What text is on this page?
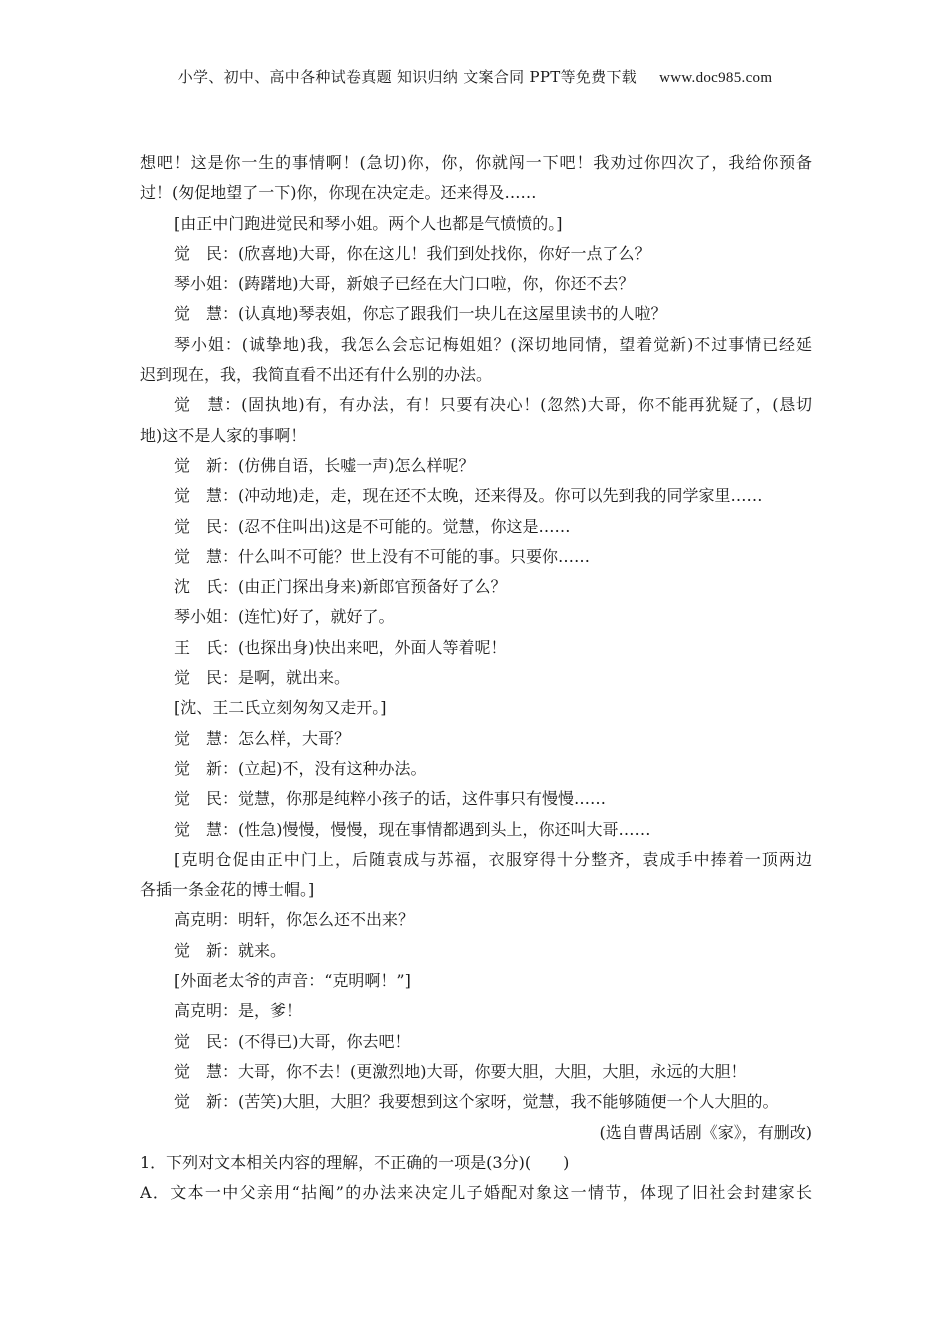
小学、初中、高中各种试卷真题 知识归纳 文案合同 PPT等免费下载 www.doc985.com
想吧！这是你一生的事情啊！(急切)你，你，你就闯一下吧！我劝过你四次了，我给你预备
过！(匆促地望了一下)你，你现在决定走。还来得及……
[由正中门跑进觉民和琴小姐。两个人也都是气愤愤的。]
觉　民：(欣喜地)大哥，你在这儿！我们到处找你，你好一点了么？
琴小姐：(踌躇地)大哥，新娘子已经在大门口啦，你，你还不去？
觉　慧：(认真地)琴表姐，你忘了跟我们一块儿在这屋里读书的人啦？
琴小姐：(诚挚地)我，我怎么会忘记梅姐姐？(深切地同情，望着觉新)不过事情已经延
迟到现在，我，我简直看不出还有什么别的办法。
觉　慧：(固执地)有，有办法，有！只要有决心！(忽然)大哥，你不能再犹疑了，(恳切
地)这不是人家的事啊！
觉　新：(仿佛自语，长嘘一声)怎么样呢？
觉　慧：(冲动地)走，走，现在还不太晚，还来得及。你可以先到我的同学家里……
觉　民：(忍不住叫出)这是不可能的。觉慧，你这是……
觉　慧：什么叫不可能？世上没有不可能的事。只要你……
沈　氏：(由正门探出身来)新郎官预备好了么？
琴小姐：(连忙)好了，就好了。
王　氏：(也探出身)快出来吧，外面人等着呢！
觉　民：是啊，就出来。
[沈、王二氏立刻匆匆又走开。]
觉　慧：怎么样，大哥？
觉　新：(立起)不，没有这种办法。
觉　民：觉慧，你那是纯粹小孩子的话，这件事只有慢慢……
觉　慧：(性急)慢慢，慢慢，现在事情都遇到头上，你还叫大哥……
[克明仓促由正中门上，后随袁成与苏福，衣服穿得十分整齐，袁成手中捧着一顶两边
各插一条金花的博士帽。]
高克明：明轩，你怎么还不出来？
觉　新：就来。
[外面老太爷的声音：“克明啊！”]
高克明：是，爹！
觉　民：(不得已)大哥，你去吧！
觉　慧：大哥，你不去！(更激烈地)大哥，你要大胆，大胆，大胆，永远的大胆！
觉　新：(苦笑)大胆，大胆？我要想到这个家呀，觉慧，我不能够随便一个人大胆的。
(选自曹禺话剧《家》，有删改)
1．下列对文本相关内容的理解，不正确的一项是(3分)(　　)
A．文本一中父亲用“拈阄”的办法来决定儿子婚配对象这一情节，体现了旧社会封建家长
